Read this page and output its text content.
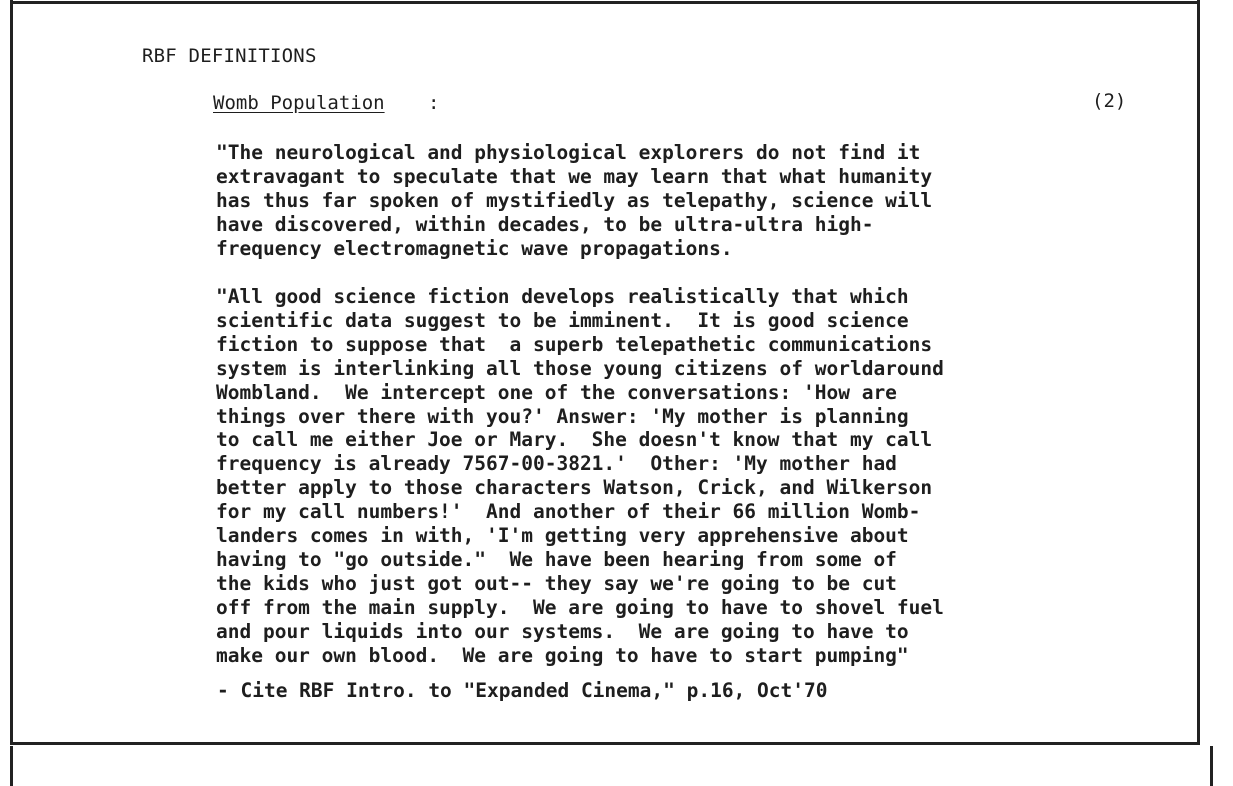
RBF DEFINITIONS
Womb Population :	(2)

"The neurological and physiological explorers do not find it
extravagant to speculate that we may learn that what humanity
has thus far spoken of mystifiedly as telepathy, science will
have discovered, within decades, to be ultra-ultra high-
frequency electromagnetic wave propagations.

"All good science fiction develops realistically that which
scientific data suggest to be imminent.  It is good science
fiction to suppose that  a superb telepathetic communications
system is interlinking all those young citizens of worldaround
Wombland.  We intercept one of the conversations: 'How are
things over there with you?' Answer: 'My mother is planning
to call me either Joe or Mary.  She doesn't know that my call
frequency is already 7567-00-3821.'  Other: 'My mother had
better apply to those characters Watson, Crick, and Wilkerson
for my call numbers!'  And another of their 66 million Womb-
landers comes in with, 'I'm getting very apprehensive about
having to "go outside."  We have been hearing from some of
the kids who just got out-- they say we're going to be cut
off from the main supply.  We are going to have to shovel fuel
and pour liquids into our systems.  We are going to have to
make our own blood.  We are going to have to start pumping"

- Cite RBF Intro. to "Expanded Cinema," p.16, Oct'70
